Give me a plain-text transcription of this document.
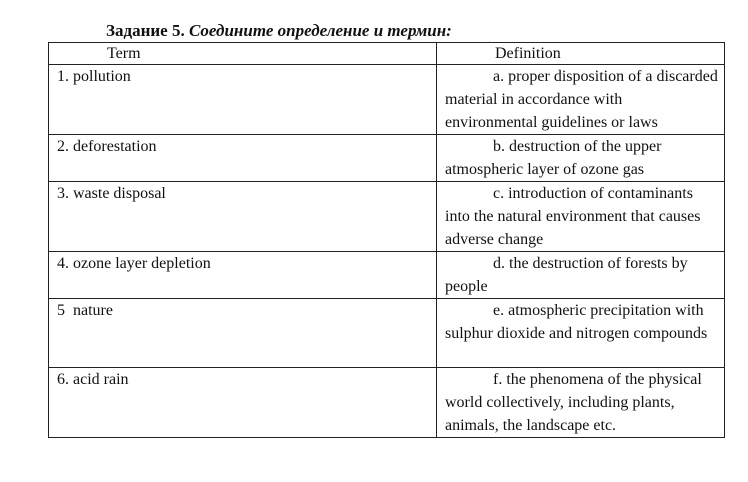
Задание 5. Соедините определение и термин:
Term	Definition
1. pollution	a. proper disposition of a discarded material in accordance with environmental guidelines or laws

2. deforestation	b. destruction of the upper atmospheric layer of ozone gas

3. waste disposal	c. introduction of contaminants into the natural environment that causes adverse change

4. ozone layer depletion	d. the destruction of forests by people

5  nature	e. atmospheric precipitation with sulphur dioxide and nitrogen compounds

6. acid rain	f. the phenomena of the physical world collectively, including plants, animals, the landscape etc.
